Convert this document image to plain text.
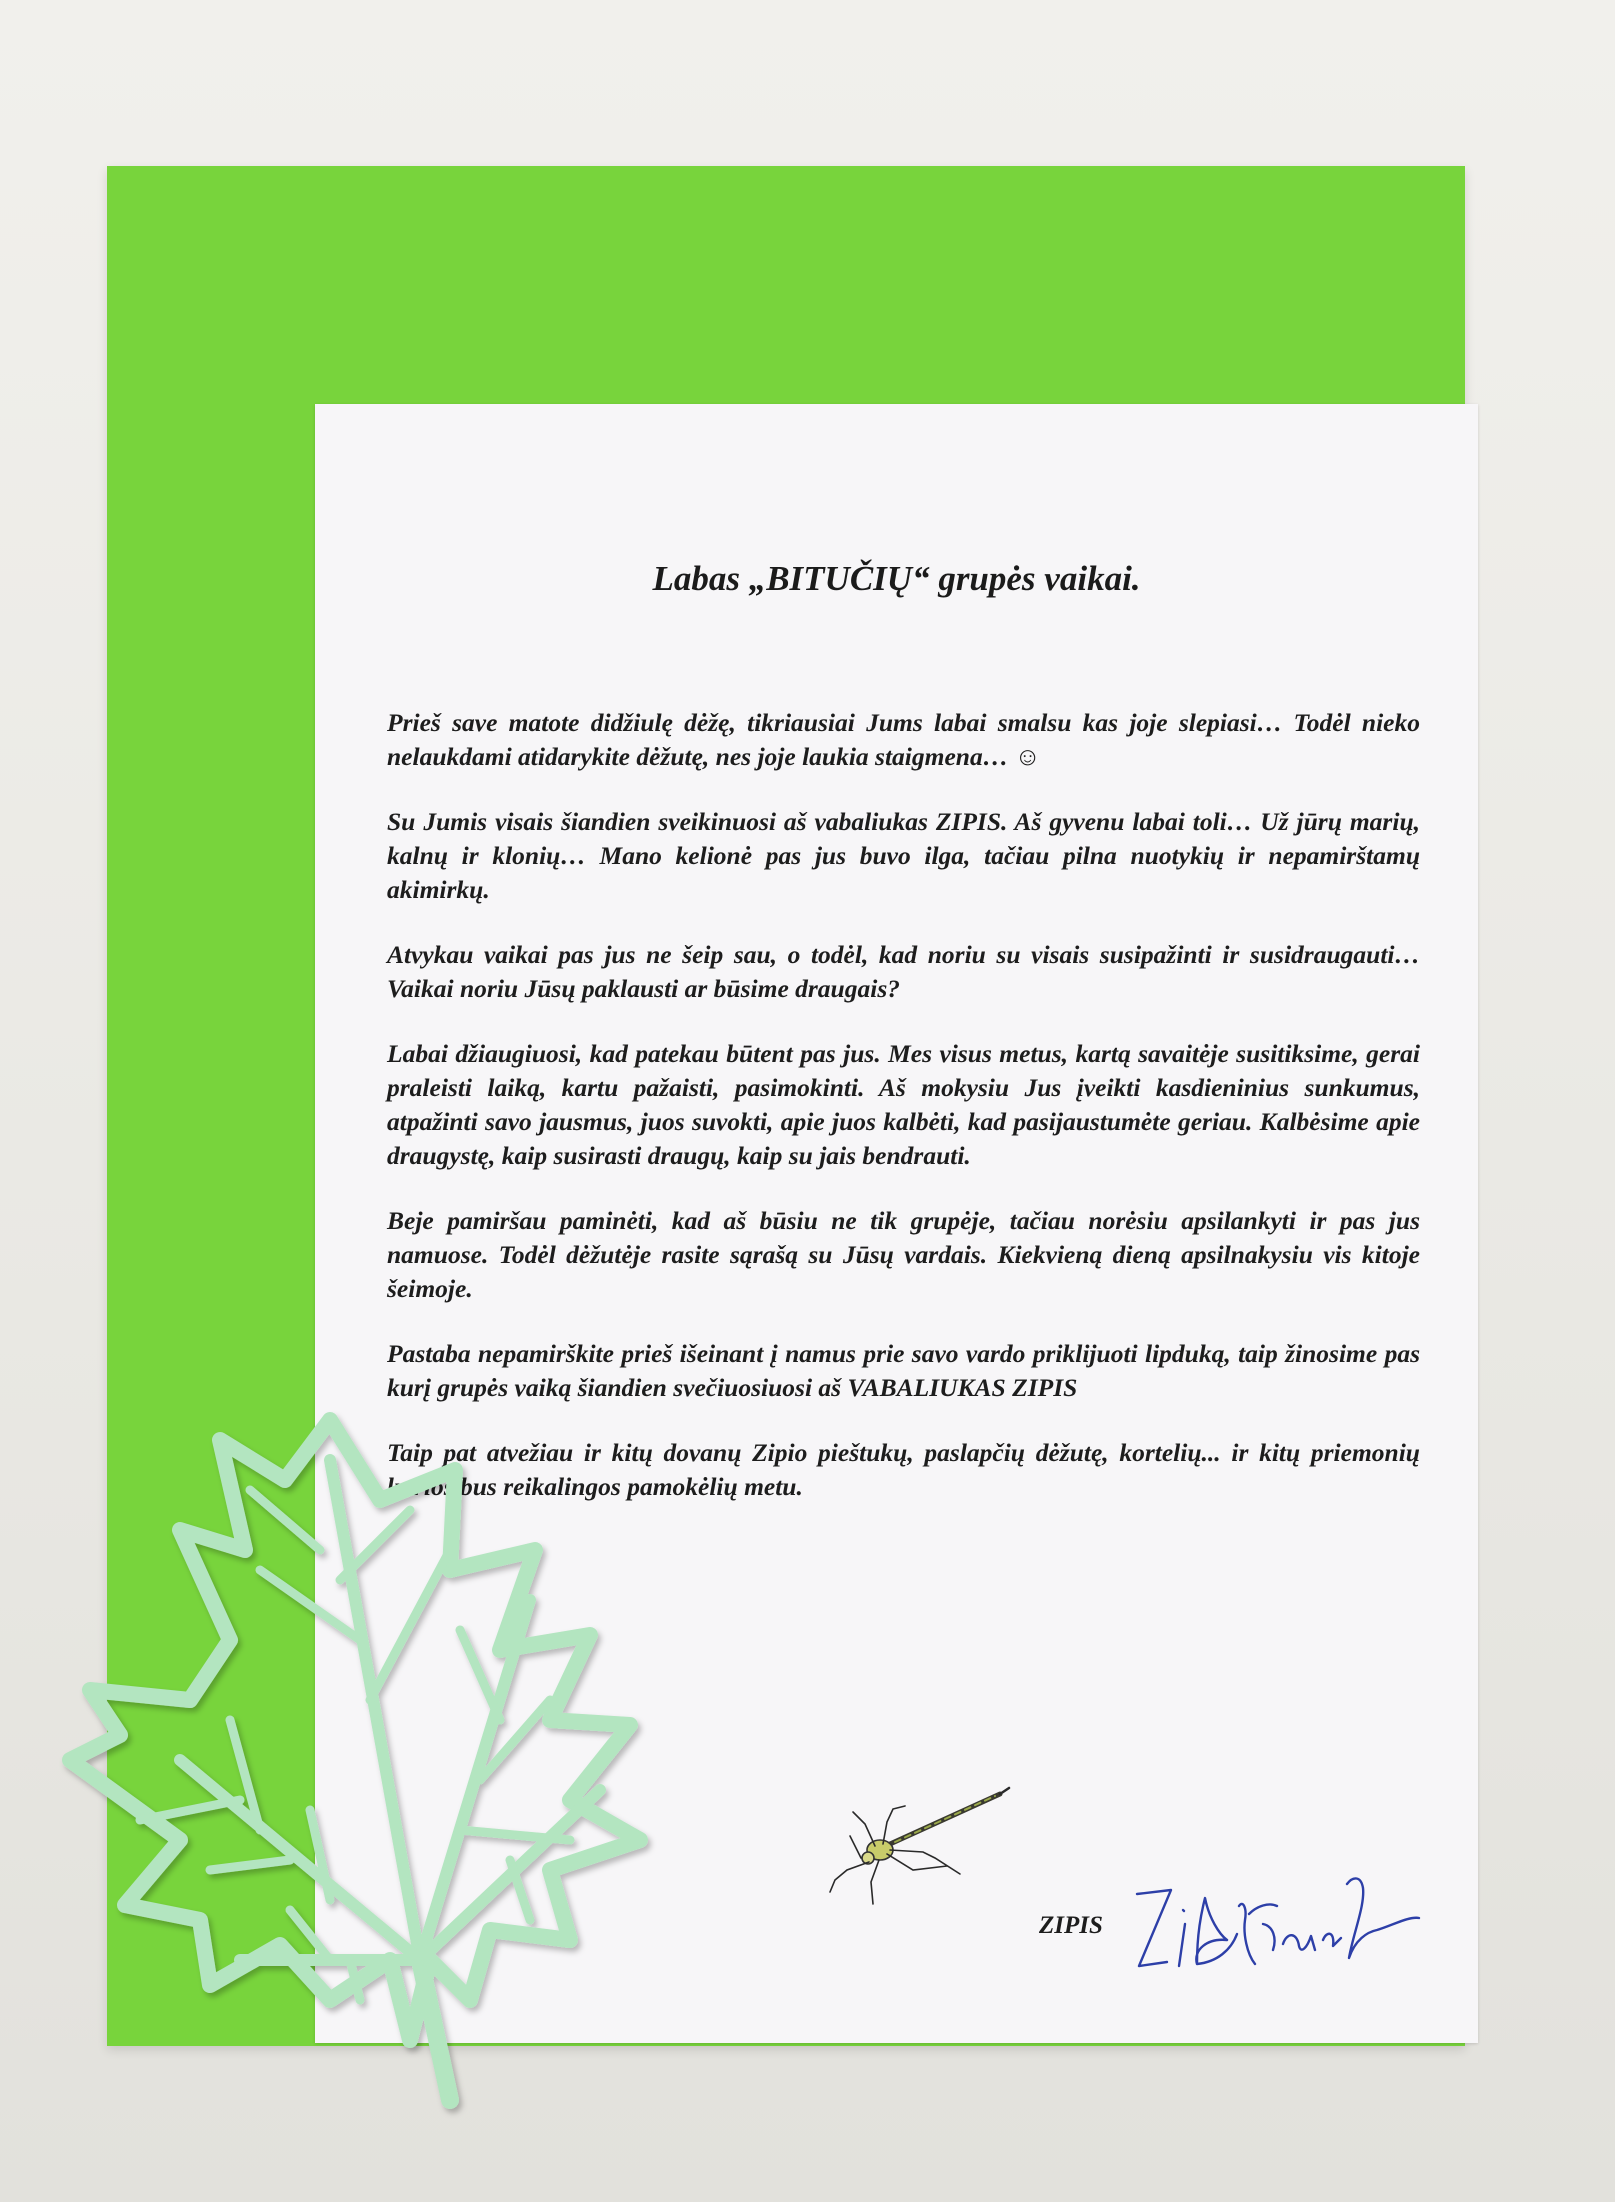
Labas „BITUČIŲ“ grupės vaikai.

Prieš save matote didžiulę dėžę, tikriausiai Jums labai smalsu kas joje slepiasi… Todėl nieko nelaukdami atidarykite dėžutę, nes joje laukia staigmena… ☺

Su Jumis visais šiandien sveikinuosi aš vabaliukas ZIPIS. Aš gyvenu labai toli… Už jūrų marių, kalnų ir klonių… Mano kelionė pas jus buvo ilga, tačiau pilna nuotykių ir nepamirštamų akimirkų.

Atvykau vaikai pas jus ne šeip sau, o todėl, kad noriu su visais susipažinti ir susidraugauti… Vaikai noriu Jūsų paklausti ar būsime draugais?

Labai džiaugiuosi, kad patekau būtent pas jus. Mes visus metus, kartą savaitėje susitiksime, gerai praleisti laiką, kartu pažaisti, pasimokinti. Aš mokysiu Jus įveikti kasdieninius sunkumus, atpažinti savo jausmus, juos suvokti, apie juos kalbėti, kad pasijaustumėte geriau. Kalbėsime apie draugystę, kaip susirasti draugų, kaip su jais bendrauti.

Beje pamiršau paminėti, kad aš būsiu ne tik grupėje, tačiau norėsiu apsilankyti ir pas jus namuose. Todėl dėžutėje rasite sąrašą su Jūsų vardais. Kiekvieną dieną apsilnakysiu vis kitoje šeimoje.

Pastaba nepamirškite prieš išeinant į namus prie savo vardo priklijuoti lipduką, taip žinosime pas kurį grupės vaiką šiandien svečiuosiuosi aš VABALIUKAS ZIPIS

Taip pat atvežiau ir kitų dovanų Zipio pieštukų, paslapčių dėžutę, kortelių... ir kitų priemonių kurios bus reikalingos pamokėlių metu.

ZIPIS
